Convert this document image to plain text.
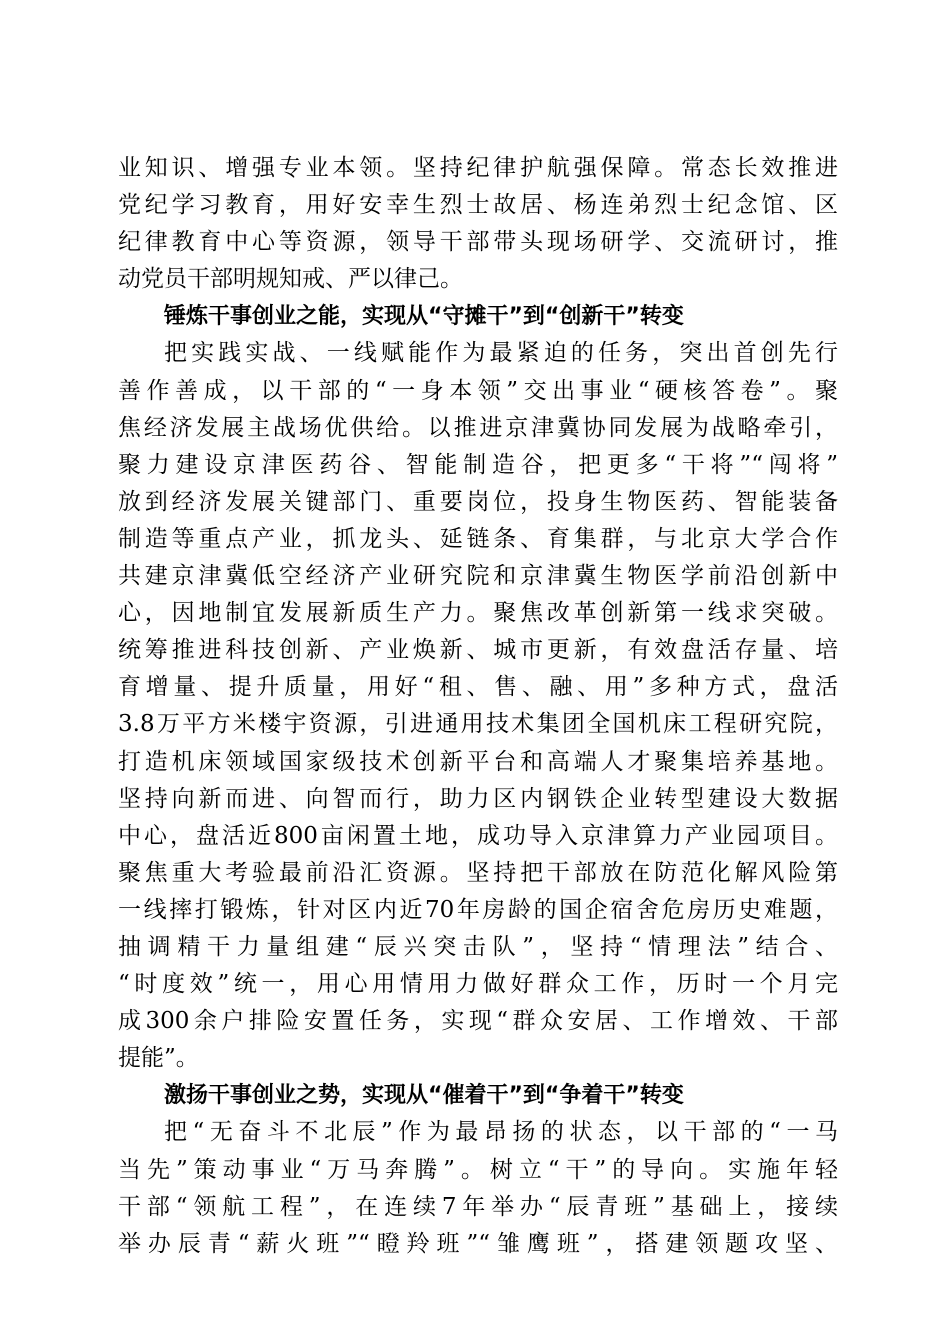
业知识、增强专业本领。坚持纪律护航强保障。常态长效推进
党纪学习教育，用好安幸生烈士故居、杨连弟烈士纪念馆、区
纪律教育中心等资源，领导干部带头现场研学、交流研讨，推
动党员干部明规知戒、严以律己。
锤炼干事创业之能，实现从“守摊干”到“创新干”转变
把实践实战、一线赋能作为最紧迫的任务，突出首创先行
善作善成，以干部的“一身本领”交出事业“硬核答卷”。聚
焦经济发展主战场优供给。以推进京津冀协同发展为战略牵引，
聚力建设京津医药谷、智能制造谷，把更多“干将”“闯将”
放到经济发展关键部门、重要岗位，投身生物医药、智能装备
制造等重点产业，抓龙头、延链条、育集群，与北京大学合作
共建京津冀低空经济产业研究院和京津冀生物医学前沿创新中
心，因地制宜发展新质生产力。聚焦改革创新第一线求突破。
统筹推进科技创新、产业焕新、城市更新，有效盘活存量、培
育增量、提升质量，用好“租、售、融、用”多种方式，盘活
3.8万平方米楼宇资源，引进通用技术集团全国机床工程研究院，
打造机床领域国家级技术创新平台和高端人才聚集培养基地。
坚持向新而进、向智而行，助力区内钢铁企业转型建设大数据
中心，盘活近800亩闲置土地，成功导入京津算力产业园项目。
聚焦重大考验最前沿汇资源。坚持把干部放在防范化解风险第
一线摔打锻炼，针对区内近70年房龄的国企宿舍危房历史难题，
抽调精干力量组建“辰兴突击队”，坚持“情理法”结合、
“时度效”统一，用心用情用力做好群众工作，历时一个月完
成300余户排险安置任务，实现“群众安居、工作增效、干部
提能”。
激扬干事创业之势，实现从“催着干”到“争着干”转变
把“无奋斗不北辰”作为最昂扬的状态，以干部的“一马
当先”策动事业“万马奔腾”。树立“干”的导向。实施年轻
干部“领航工程”，在连续7年举办“辰青班”基础上，接续
举办辰青“薪火班”“瞪羚班”“雏鹰班”，搭建领题攻坚、
